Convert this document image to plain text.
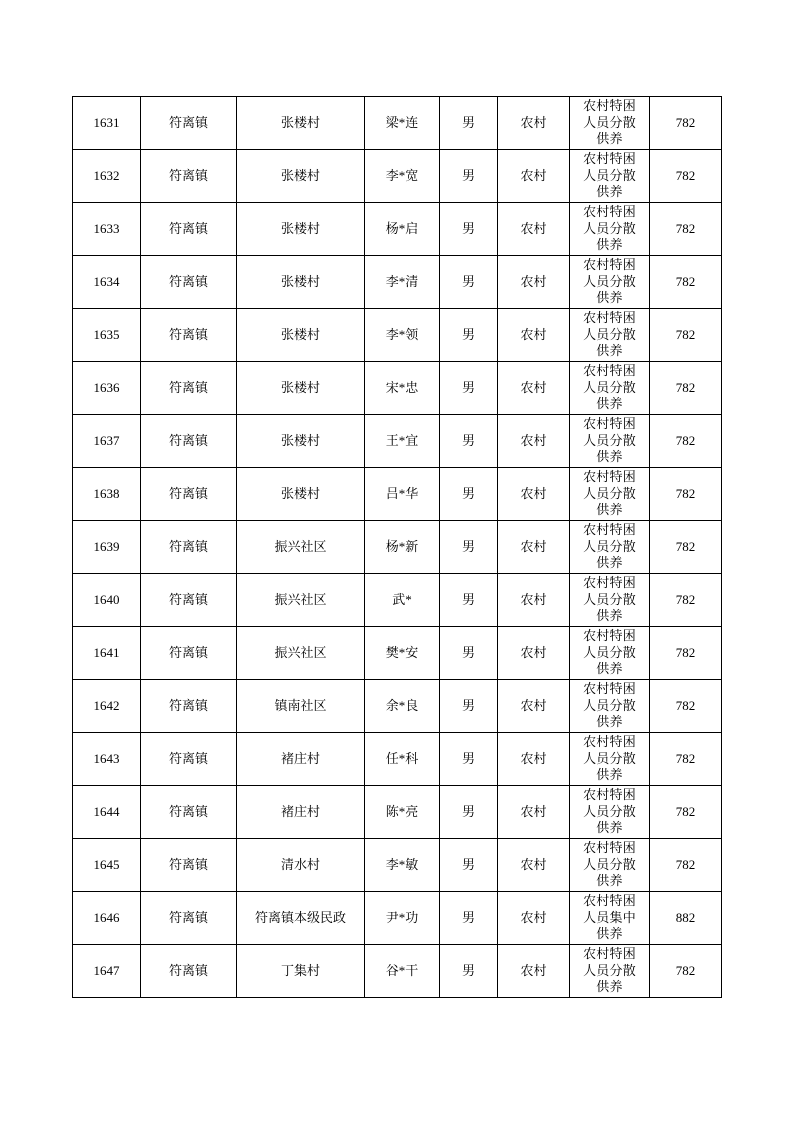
1631	符离镇	张楼村	梁*连	男	农村	农村特困
人员分散
供养	782
1632	符离镇	张楼村	李*宽	男	农村	农村特困
人员分散
供养	782
1633	符离镇	张楼村	杨*启	男	农村	农村特困
人员分散
供养	782
1634	符离镇	张楼村	李*清	男	农村	农村特困
人员分散
供养	782
1635	符离镇	张楼村	李*领	男	农村	农村特困
人员分散
供养	782
1636	符离镇	张楼村	宋*忠	男	农村	农村特困
人员分散
供养	782
1637	符离镇	张楼村	王*宜	男	农村	农村特困
人员分散
供养	782
1638	符离镇	张楼村	吕*华	男	农村	农村特困
人员分散
供养	782
1639	符离镇	振兴社区	杨*新	男	农村	农村特困
人员分散
供养	782
1640	符离镇	振兴社区	武*	男	农村	农村特困
人员分散
供养	782
1641	符离镇	振兴社区	樊*安	男	农村	农村特困
人员分散
供养	782
1642	符离镇	镇南社区	余*良	男	农村	农村特困
人员分散
供养	782
1643	符离镇	褚庄村	任*科	男	农村	农村特困
人员分散
供养	782
1644	符离镇	褚庄村	陈*亮	男	农村	农村特困
人员分散
供养	782
1645	符离镇	清水村	李*敏	男	农村	农村特困
人员分散
供养	782
1646	符离镇	符离镇本级民政	尹*功	男	农村	农村特困
人员集中
供养	882
1647	符离镇	丁集村	谷*干	男	农村	农村特困
人员分散
供养	782
